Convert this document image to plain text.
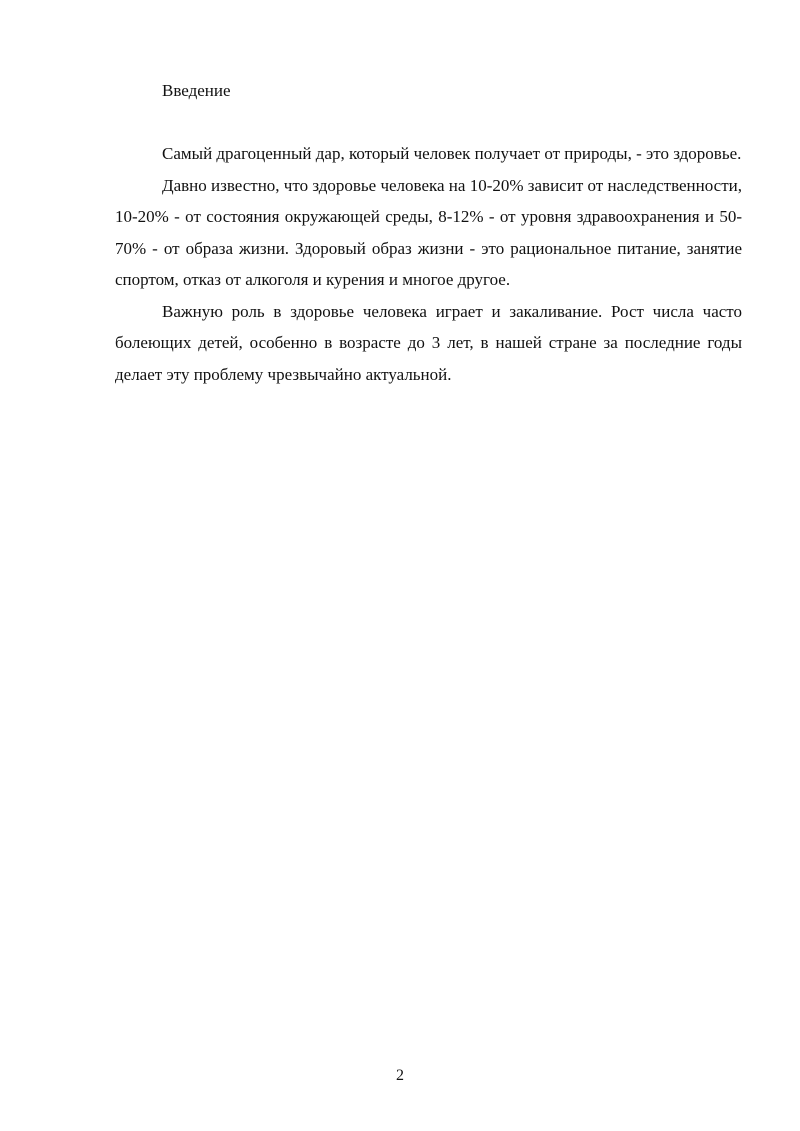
Введение

Самый драгоценный дар, который человек получает от природы, - это здоровье.

Давно известно, что здоровье человека на 10-20% зависит от наследственности, 10-20% - от состояния окружающей среды, 8-12% - от уровня здравоохранения и 50-70% - от образа жизни. Здоровый образ жизни - это рациональное питание, занятие спортом, отказ от алкоголя и курения и многое другое.

Важную роль в здоровье человека играет и закаливание. Рост числа часто болеющих детей, особенно в возрасте до 3 лет, в нашей стране за последние годы делает эту проблему чрезвычайно актуальной.

2
